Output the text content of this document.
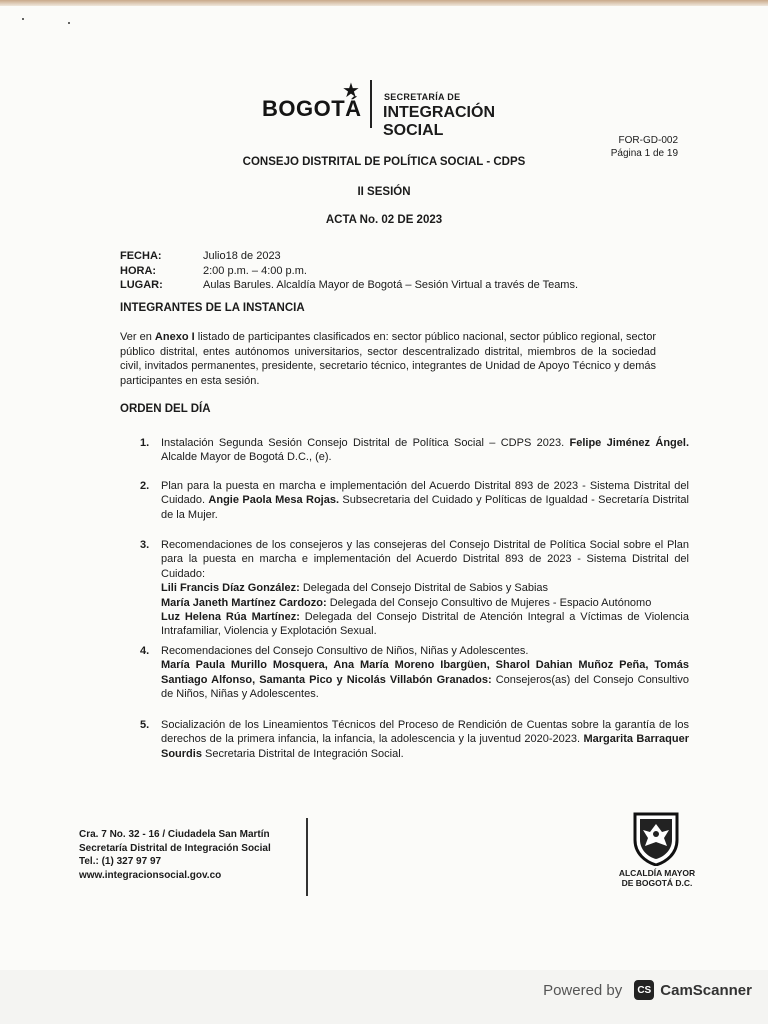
BOGOTÁ
★	SECRETARÍA DE
INTEGRACIÓN SOCIAL
FOR-GD-002
Página 1 de 19
CONSEJO DISTRITAL DE POLÍTICA SOCIAL - CDPS
II SESIÓN
ACTA No. 02 DE 2023
FECHA:	Julio18 de 2023
HORA:	2:00 p.m. – 4:00 p.m.
LUGAR:	Aulas Barules. Alcaldía Mayor de Bogotá – Sesión Virtual a través de Teams.
INTEGRANTES DE LA INSTANCIA
Ver en Anexo I listado de participantes clasificados en: sector público nacional, sector público regional, sector público distrital, entes autónomos universitarios, sector descentralizado distrital, miembros de la sociedad civil, invitados permanentes, presidente, secretario técnico, integrantes de Unidad de Apoyo Técnico y demás participantes en esta sesión.
ORDEN DEL DÍA
1. Instalación Segunda Sesión Consejo Distrital de Política Social – CDPS 2023. Felipe Jiménez Ángel. Alcalde Mayor de Bogotá D.C., (e).
2. Plan para la puesta en marcha e implementación del Acuerdo Distrital 893 de 2023 - Sistema Distrital del Cuidado. Angie Paola Mesa Rojas. Subsecretaria del Cuidado y Políticas de Igualdad - Secretaría Distrital de la Mujer.
3. Recomendaciones de los consejeros y las consejeras del Consejo Distrital de Política Social sobre el Plan para la puesta en marcha e implementación del Acuerdo Distrital 893 de 2023 - Sistema Distrital del Cuidado:
Lili Francis Díaz González: Delegada del Consejo Distrital de Sabios y Sabias
María Janeth Martínez Cardozo: Delegada del Consejo Consultivo de Mujeres - Espacio Autónomo
Luz Helena Rúa Martínez: Delegada del Consejo Distrital de Atención Integral a Víctimas de Violencia Intrafamiliar, Violencia y Explotación Sexual.
4. Recomendaciones del Consejo Consultivo de Niños, Niñas y Adolescentes.
María Paula Murillo Mosquera, Ana María Moreno Ibargüen, Sharol Dahian Muñoz Peña, Tomás Santiago Alfonso, Samanta Pico y Nicolás Villabón Granados: Consejeros(as) del Consejo Consultivo de Niños, Niñas y Adolescentes.
5. Socialización de los Lineamientos Técnicos del Proceso de Rendición de Cuentas sobre la garantía de los derechos de la primera infancia, la infancia, la adolescencia y la juventud 2020-2023. Margarita Barraquer Sourdis Secretaria Distrital de Integración Social.
Cra. 7 No. 32 - 16 / Ciudadela San Martín
Secretaría Distrital de Integración Social
Tel.: (1) 327 97 97
www.integracionsocial.gov.co	ALCALDÍA MAYOR
DE BOGOTÁ D.C.
Powered by	CS CamScanner
